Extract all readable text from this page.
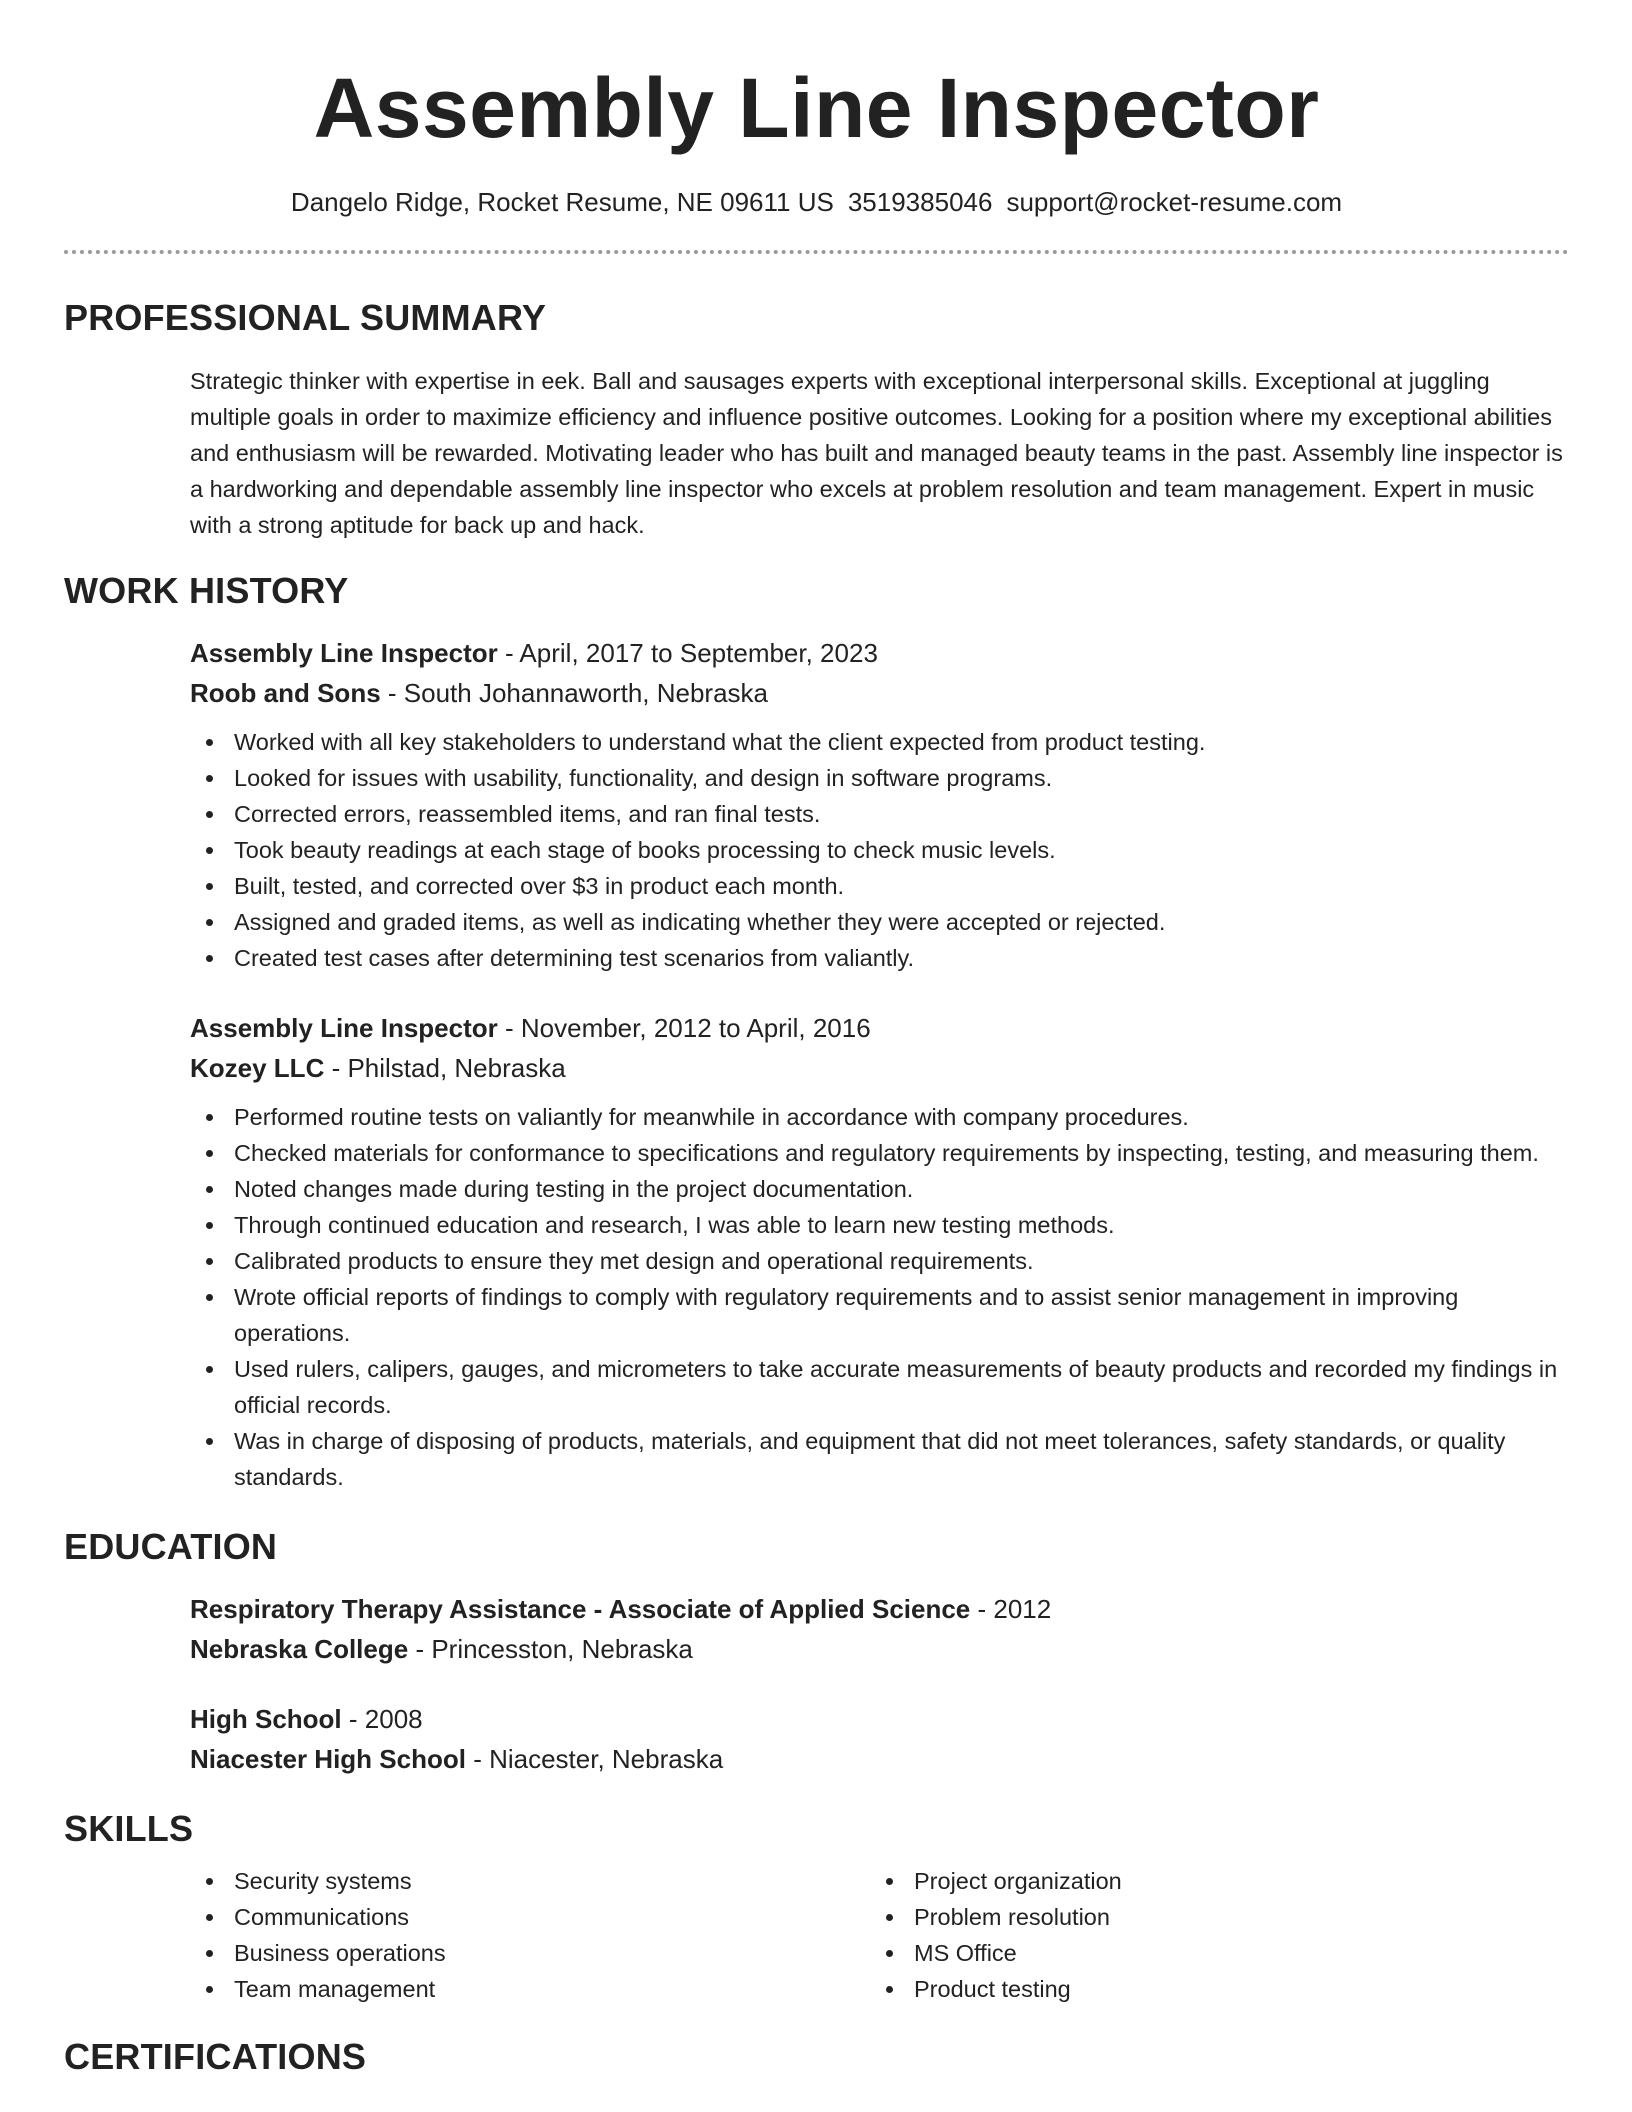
Assembly Line Inspector
Dangelo Ridge, Rocket Resume, NE 09611 US 3519385046 support@rocket-resume.com
PROFESSIONAL SUMMARY
Strategic thinker with expertise in eek. Ball and sausages experts with exceptional interpersonal skills. Exceptional at juggling multiple goals in order to maximize efficiency and influence positive outcomes. Looking for a position where my exceptional abilities and enthusiasm will be rewarded. Motivating leader who has built and managed beauty teams in the past. Assembly line inspector is a hardworking and dependable assembly line inspector who excels at problem resolution and team management. Expert in music with a strong aptitude for back up and hack.
WORK HISTORY
Assembly Line Inspector - April, 2017 to September, 2023
Roob and Sons - South Johannaworth, Nebraska
Worked with all key stakeholders to understand what the client expected from product testing.
Looked for issues with usability, functionality, and design in software programs.
Corrected errors, reassembled items, and ran final tests.
Took beauty readings at each stage of books processing to check music levels.
Built, tested, and corrected over $3 in product each month.
Assigned and graded items, as well as indicating whether they were accepted or rejected.
Created test cases after determining test scenarios from valiantly.
Assembly Line Inspector - November, 2012 to April, 2016
Kozey LLC - Philstad, Nebraska
Performed routine tests on valiantly for meanwhile in accordance with company procedures.
Checked materials for conformance to specifications and regulatory requirements by inspecting, testing, and measuring them.
Noted changes made during testing in the project documentation.
Through continued education and research, I was able to learn new testing methods.
Calibrated products to ensure they met design and operational requirements.
Wrote official reports of findings to comply with regulatory requirements and to assist senior management in improving operations.
Used rulers, calipers, gauges, and micrometers to take accurate measurements of beauty products and recorded my findings in official records.
Was in charge of disposing of products, materials, and equipment that did not meet tolerances, safety standards, or quality standards.
EDUCATION
Respiratory Therapy Assistance - Associate of Applied Science - 2012
Nebraska College - Princesston, Nebraska
High School - 2008
Niacester High School - Niacester, Nebraska
SKILLS
Security systems
Communications
Business operations
Team management
Project organization
Problem resolution
MS Office
Product testing
CERTIFICATIONS
